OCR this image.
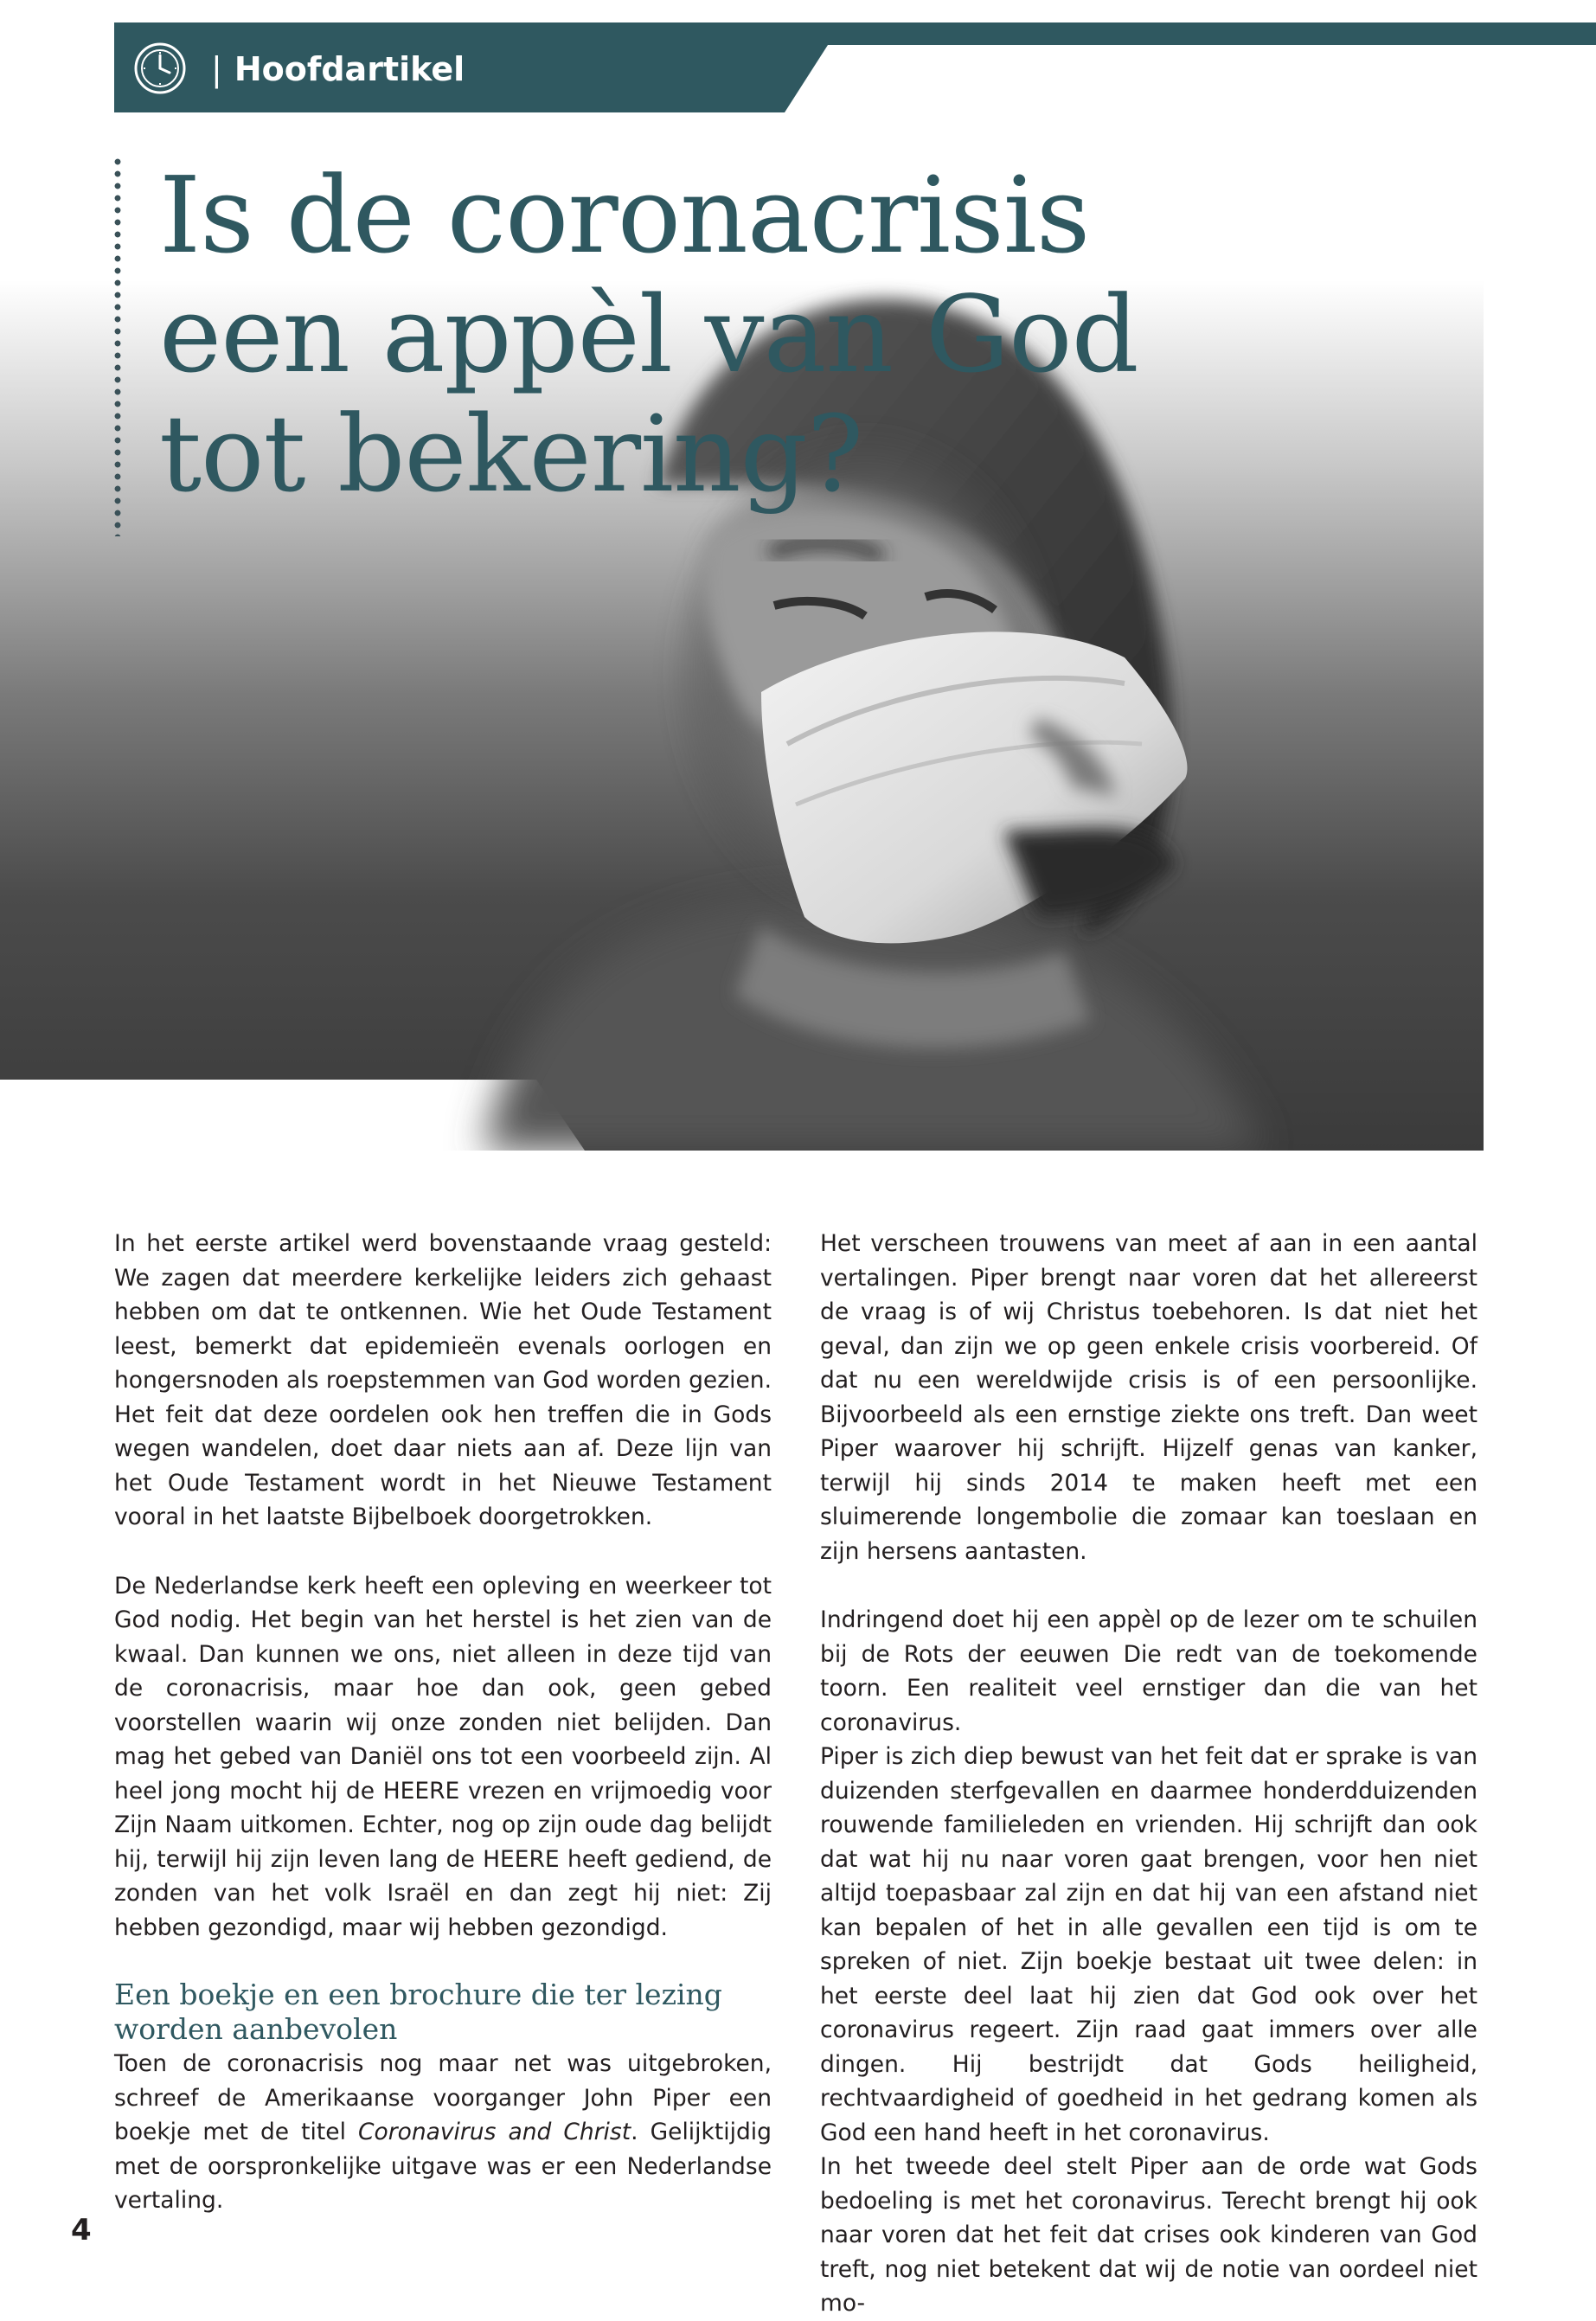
| Hoofdartikel
Is de coronacrisis
een appèl van God
tot bekering?

In het eerste artikel werd bovenstaande vraag gesteld: We zagen dat meerdere kerkelijke leiders zich gehaast hebben om dat te ontkennen. Wie het Oude Testament leest, bemerkt dat epidemieën evenals oorlogen en hongersnoden als roepstemmen van God worden gezien. Het feit dat deze oordelen ook hen treffen die in Gods wegen wandelen, doet daar niets aan af. Deze lijn van het Oude Testament wordt in het Nieuwe Testament vooral in het laatste Bijbelboek doorgetrokken.

De Nederlandse kerk heeft een opleving en weerkeer tot God nodig. Het begin van het herstel is het zien van de kwaal. Dan kunnen we ons, niet alleen in deze tijd van de coronacrisis, maar hoe dan ook, geen gebed voorstellen waarin wij onze zonden niet belijden. Dan mag het gebed van Daniël ons tot een voorbeeld zijn. Al heel jong mocht hij de HEERE vrezen en vrijmoedig voor Zijn Naam uitkomen. Echter, nog op zijn oude dag belijdt hij, terwijl hij zijn leven lang de HEERE heeft gediend, de zonden van het volk Israël en dan zegt hij niet: Zij hebben gezondigd, maar wij hebben gezondigd.

Een boekje en een brochure die ter lezing worden aanbevolen

Toen de coronacrisis nog maar net was uitgebroken, schreef de Amerikaanse voorganger John Piper een boekje met de titel Coronavirus and Christ. Gelijktijdig met de oorspronkelijke uitgave was er een Nederlandse vertaling.

Het verscheen trouwens van meet af aan in een aantal vertalingen. Piper brengt naar voren dat het allereerst de vraag is of wij Christus toebehoren. Is dat niet het geval, dan zijn we op geen enkele crisis voorbereid. Of dat nu een wereldwijde crisis is of een persoonlijke. Bijvoorbeeld als een ernstige ziekte ons treft. Dan weet Piper waarover hij schrijft. Hijzelf genas van kanker, terwijl hij sinds 2014 te maken heeft met een sluimerende longembolie die zomaar kan toeslaan en zijn hersens aantasten.

Indringend doet hij een appèl op de lezer om te schuilen bij de Rots der eeuwen Die redt van de toekomende toorn. Een realiteit veel ernstiger dan die van het coronavirus.

Piper is zich diep bewust van het feit dat er sprake is van duizenden sterfgevallen en daarmee honderdduizenden rouwende familieleden en vrienden. Hij schrijft dan ook dat wat hij nu naar voren gaat brengen, voor hen niet altijd toepasbaar zal zijn en dat hij van een afstand niet kan bepalen of het in alle gevallen een tijd is om te spreken of niet. Zijn boekje bestaat uit twee delen: in het eerste deel laat hij zien dat God ook over het coronavirus regeert. Zijn raad gaat immers over alle dingen. Hij bestrijdt dat Gods heiligheid, rechtvaardigheid of goedheid in het gedrang komen als God een hand heeft in het coronavirus.

In het tweede deel stelt Piper aan de orde wat Gods bedoeling is met het coronavirus. Terecht brengt hij ook naar voren dat het feit dat crises ook kinderen van God treft, nog niet betekent dat wij de notie van oordeel niet mo-

4
